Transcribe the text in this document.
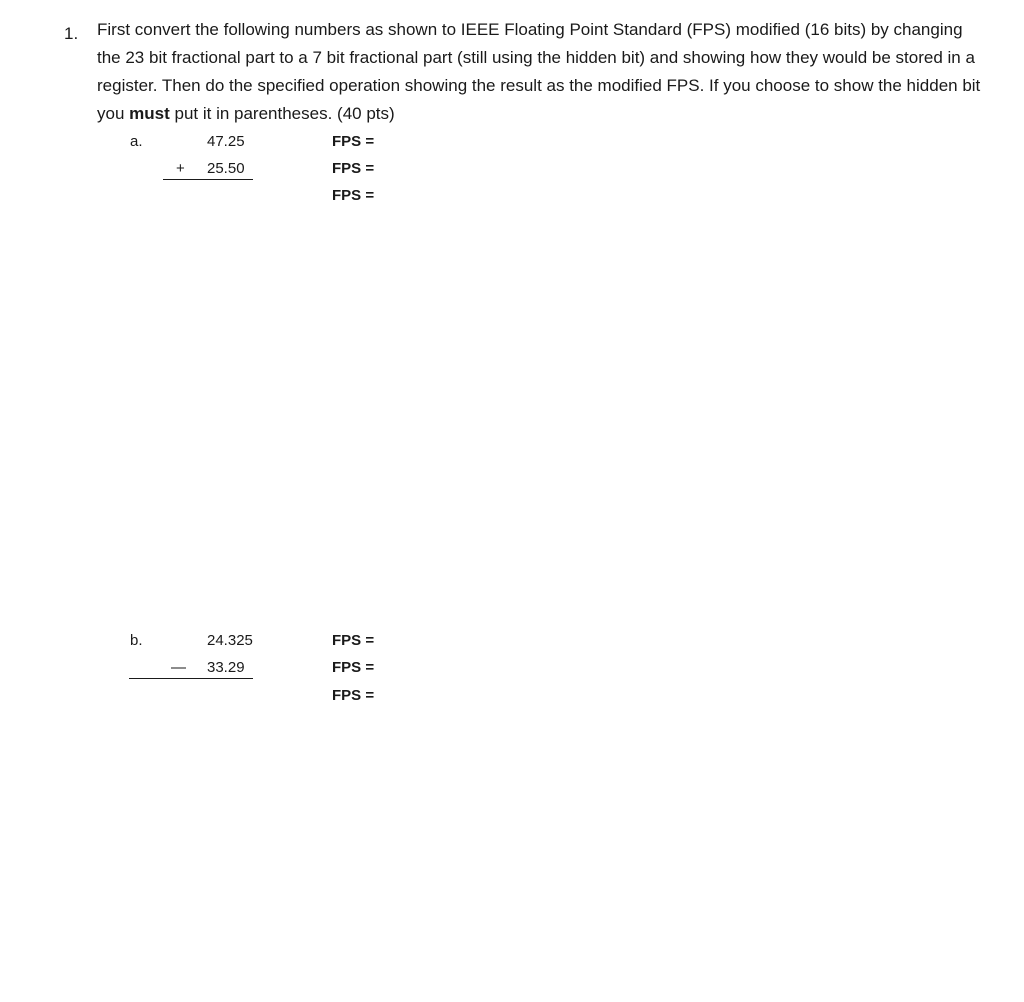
1. First convert the following numbers as shown to IEEE Floating Point Standard (FPS) modified (16 bits) by changing the 23 bit fractional part to a 7 bit fractional part (still using the hidden bit) and showing how they would be stored in a register. Then do the specified operation showing the result as the modified FPS. If you choose to show the hidden bit you must put it in parentheses. (40 pts)
a.	47.25
+ 25.50
FPS =
FPS =
FPS =
b.	24.325
— 33.29
FPS =
FPS =
FPS =
